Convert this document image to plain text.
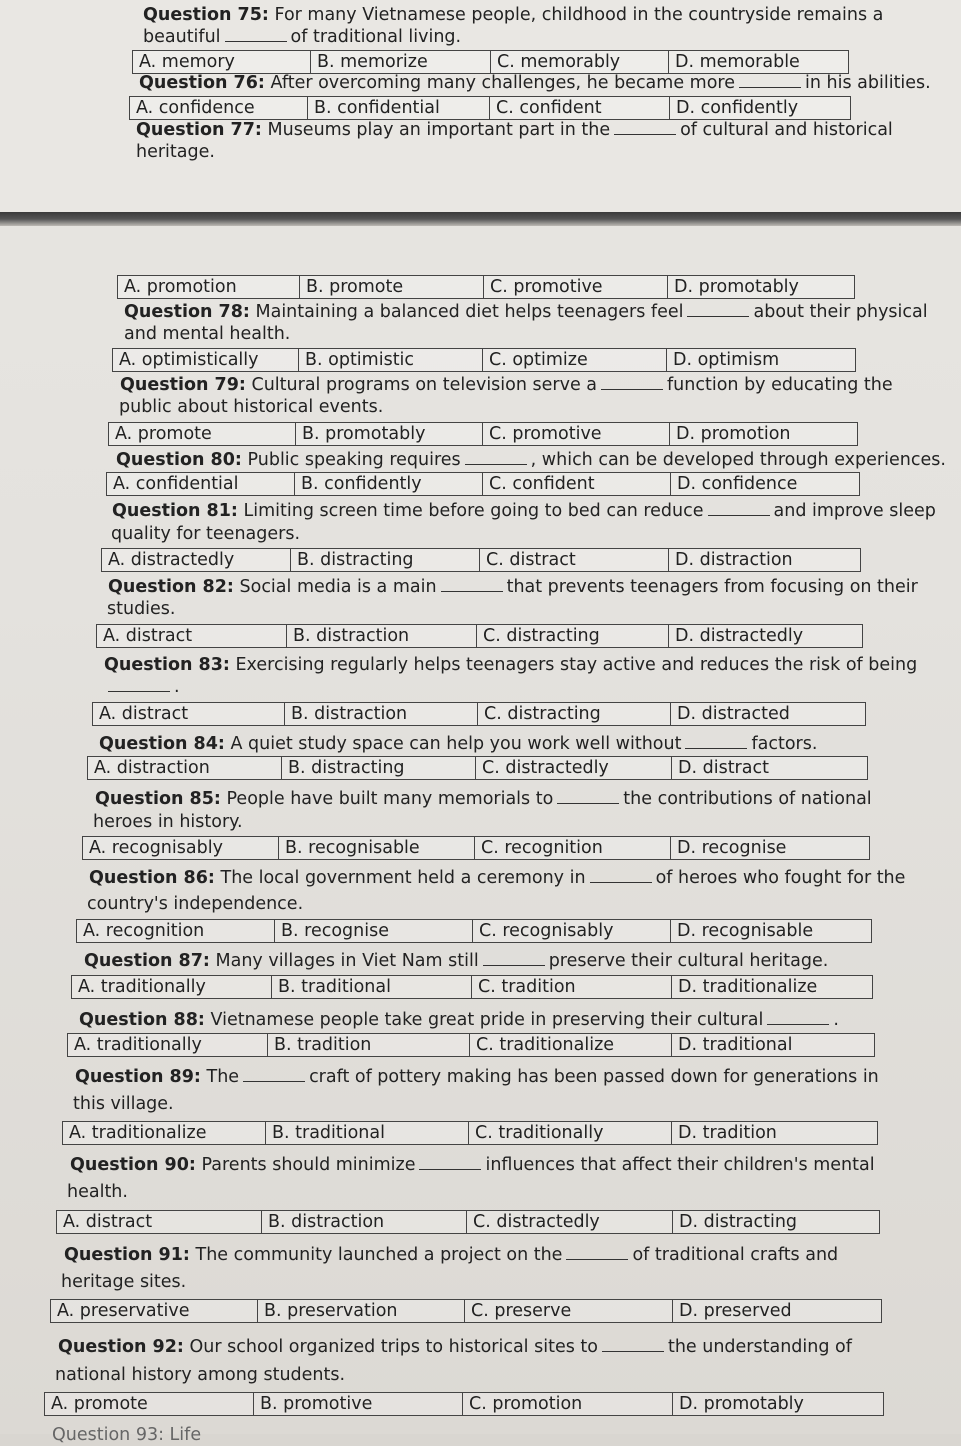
Question 75: For many Vietnamese people, childhood in the countryside remains a
beautiful	of traditional living.
A. memory	B. memorize	C. memorably	D. memorable
Question 76: After overcoming many challenges, he became more	in his abilities.
A. confidence	B. confidential	C. confident	D. confidently
Question 77: Museums play an important part in the	of cultural and historical
heritage.
A. promotion	B. promote	C. promotive	D. promotably
Question 78: Maintaining a balanced diet helps teenagers feel	about their physical
and mental health.
A. optimistically	B. optimistic	C. optimize	D. optimism
Question 79: Cultural programs on television serve a	function by educating the
public about historical events.
A. promote	B. promotably	C. promotive	D. promotion
Question 80: Public speaking requires	, which can be developed through experiences.
A. confidential	B. confidently	C. confident	D. confidence
Question 81: Limiting screen time before going to bed can reduce	and improve sleep
quality for teenagers.
A. distractedly	B. distracting	C. distract	D. distraction
Question 82: Social media is a main	that prevents teenagers from focusing on their
studies.
A. distract	B. distraction	C. distracting	D. distractedly
Question 83: Exercising regularly helps teenagers stay active and reduces the risk of being
.
A. distract	B. distraction	C. distracting	D. distracted
Question 84: A quiet study space can help you work well without	factors.
A. distraction	B. distracting	C. distractedly	D. distract
Question 85: People have built many memorials to	the contributions of national
heroes in history.
A. recognisably	B. recognisable	C. recognition	D. recognise
Question 86: The local government held a ceremony in	of heroes who fought for the
country's independence.
A. recognition	B. recognise	C. recognisably	D. recognisable
Question 87: Many villages in Viet Nam still	preserve their cultural heritage.
A. traditionally	B. traditional	C. tradition	D. traditionalize
Question 88: Vietnamese people take great pride in preserving their cultural	.
A. traditionally	B. tradition	C. traditionalize	D. traditional
Question 89: The	craft of pottery making has been passed down for generations in
this village.
A. traditionalize	B. traditional	C. traditionally	D. tradition
Question 90: Parents should minimize	influences that affect their children's mental
health.
A. distract	B. distraction	C. distractedly	D. distracting
Question 91: The community launched a project on the	of traditional crafts and
heritage sites.
A. preservative	B. preservation	C. preserve	D. preserved
Question 92: Our school organized trips to historical sites to	the understanding of
national history among students.
A. promote	B. promotive	C. promotion	D. promotably
Question 93: Life
